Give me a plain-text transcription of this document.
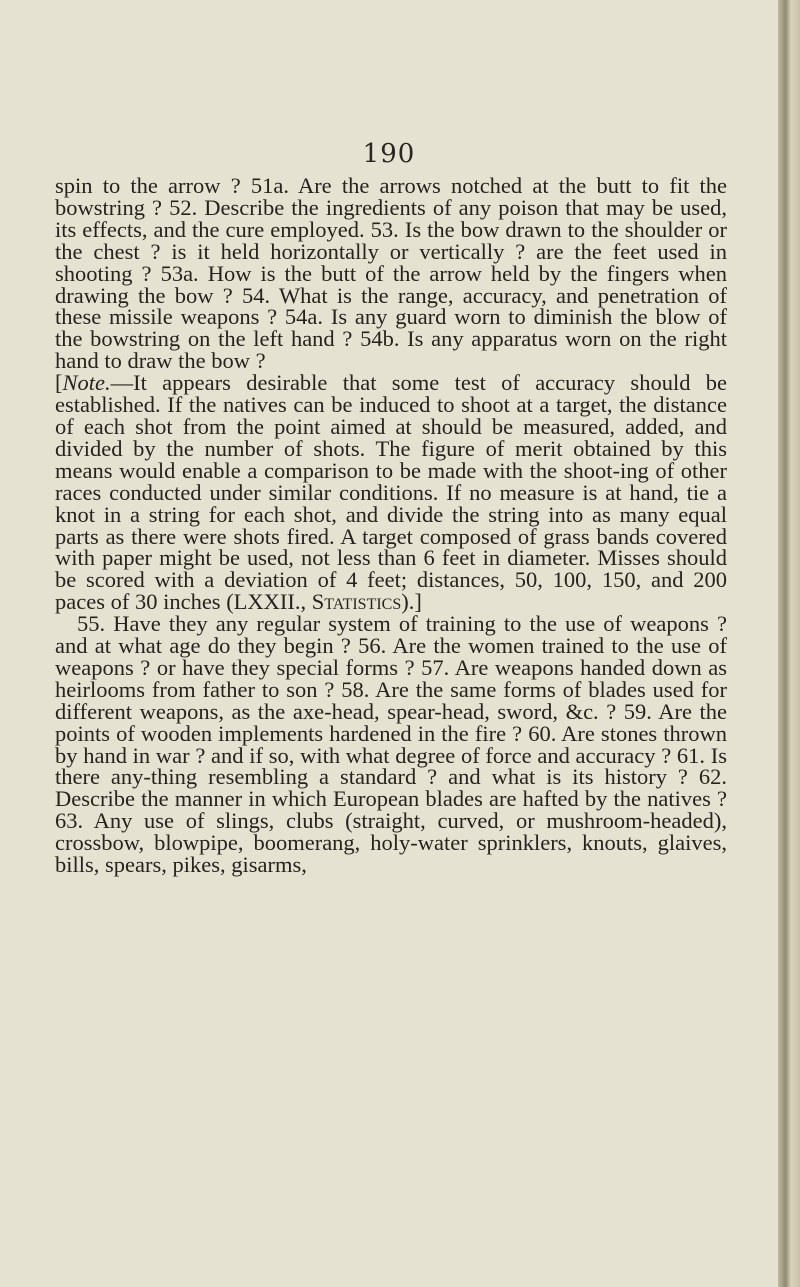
190

spin to the arrow ? 51a. Are the arrows notched at the butt to fit the bowstring ? 52. Describe the ingredients of any poison that may be used, its effects, and the cure employed. 53. Is the bow drawn to the shoulder or the chest ? is it held horizontally or vertically ? are the feet used in shooting ? 53a. How is the butt of the arrow held by the fingers when drawing the bow ? 54. What is the range, accuracy, and penetration of these missile weapons ? 54a. Is any guard worn to diminish the blow of the bowstring on the left hand ? 54b. Is any apparatus worn on the right hand to draw the bow ?

[Note.—It appears desirable that some test of accuracy should be established. If the natives can be induced to shoot at a target, the distance of each shot from the point aimed at should be measured, added, and divided by the number of shots. The figure of merit obtained by this means would enable a comparison to be made with the shoot-ing of other races conducted under similar conditions. If no measure is at hand, tie a knot in a string for each shot, and divide the string into as many equal parts as there were shots fired. A target composed of grass bands covered with paper might be used, not less than 6 feet in diameter. Misses should be scored with a deviation of 4 feet; distances, 50, 100, 150, and 200 paces of 30 inches (LXXII., Statistics).]

55. Have they any regular system of training to the use of weapons ? and at what age do they begin ? 56. Are the women trained to the use of weapons ? or have they special forms ? 57. Are weapons handed down as heirlooms from father to son ? 58. Are the same forms of blades used for different weapons, as the axe-head, spear-head, sword, &c. ? 59. Are the points of wooden implements hardened in the fire ? 60. Are stones thrown by hand in war ? and if so, with what degree of force and accuracy ? 61. Is there any-thing resembling a standard ? and what is its history ? 62. Describe the manner in which European blades are hafted by the natives ? 63. Any use of slings, clubs (straight, curved, or mushroom-headed), crossbow, blowpipe, boomerang, holy-water sprinklers, knouts, glaives, bills, spears, pikes, gisarms,
